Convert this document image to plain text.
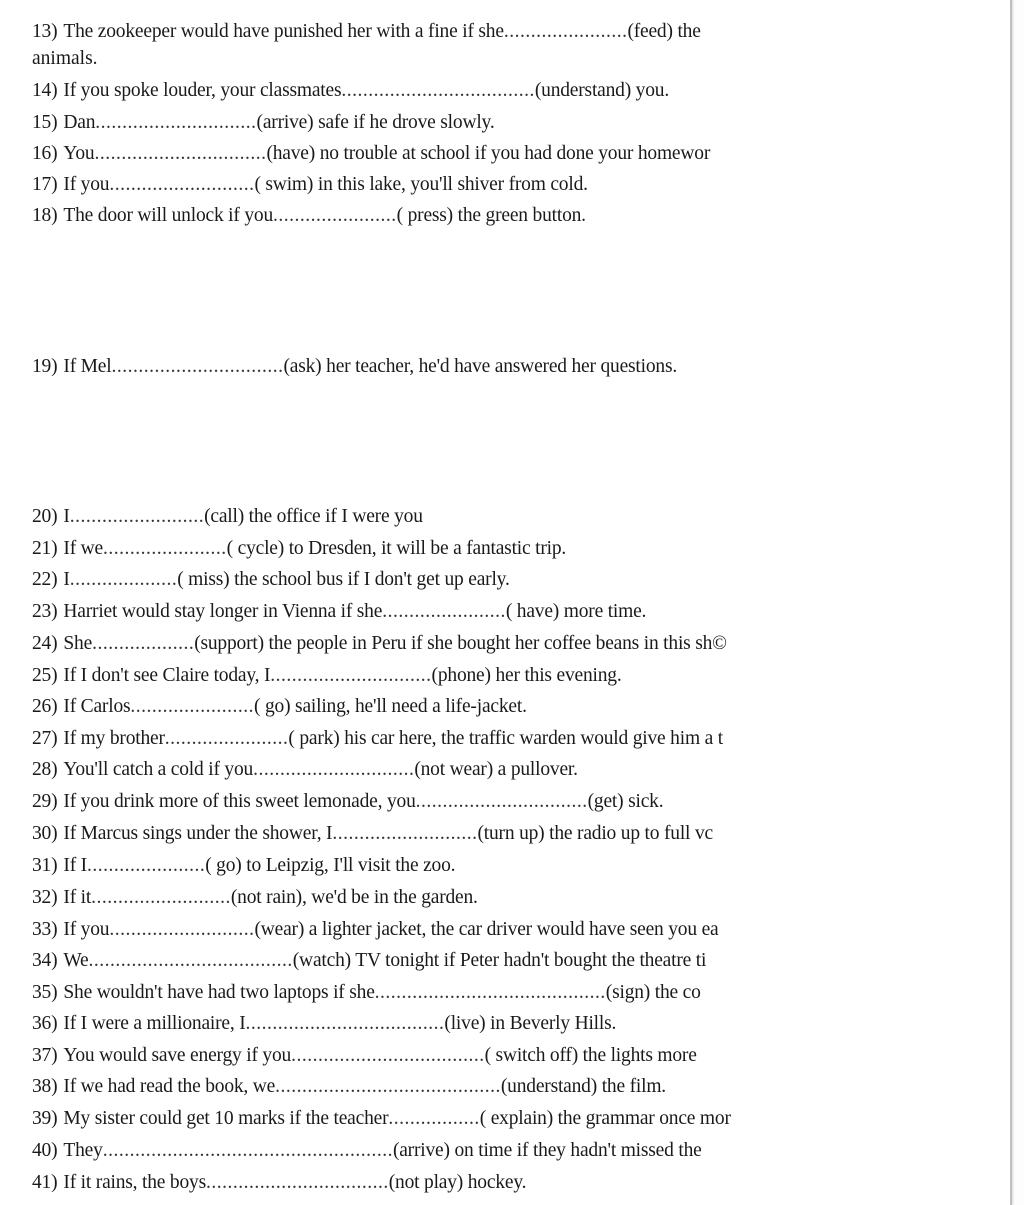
13) The zookeeper would have punished her with a fine if she.......................(feed) the
animals.
14) If you spoke louder, your classmates....................................(understand) you.
15) Dan..............................(arrive) safe if he drove slowly.
16) You................................(have) no trouble at school if you had done your homewor
17) If you...........................( swim) in this lake, you'll shiver from cold.
18) The door will unlock if you.......................( press) the green button.
19) If Mel................................(ask) her teacher, he'd have answered her questions.
20) I.........................(call) the office if I were you
21) If we.......................( cycle) to Dresden, it will be a fantastic trip.
22) I....................( miss) the school bus if I don't get up early.
23) Harriet would stay longer in Vienna if she.......................( have) more time.
24) She...................(support) the people in Peru if she bought her coffee beans in this sh©
25) If I don't see Claire today, I..............................(phone) her this evening.
26) If Carlos.......................( go) sailing, he'll need a life-jacket.
27) If my brother.......................( park) his car here, the traffic warden would give him a t
28) You'll catch a cold if you..............................(not wear) a pullover.
29) If you drink more of this sweet lemonade, you................................(get) sick.
30) If Marcus sings under the shower, I...........................(turn up) the radio up to full vc
31) If I......................( go) to Leipzig, I'll visit the zoo.
32) If it..........................(not rain), we'd be in the garden.
33) If you...........................(wear) a lighter jacket, the car driver would have seen you ea
34) We......................................(watch) TV tonight if Peter hadn't bought the theatre ti
35) She wouldn't have had two laptops if she...........................................(sign) the co
36) If I were a millionaire, I.....................................(live) in Beverly Hills.
37) You would save energy if you....................................( switch off) the lights more
38) If we had read the book, we..........................................(understand) the film.
39) My sister could get 10 marks if the teacher.................( explain) the grammar once mor
40) They......................................................(arrive) on time if they hadn't missed the
41) If it rains, the boys..................................(not play) hockey.
